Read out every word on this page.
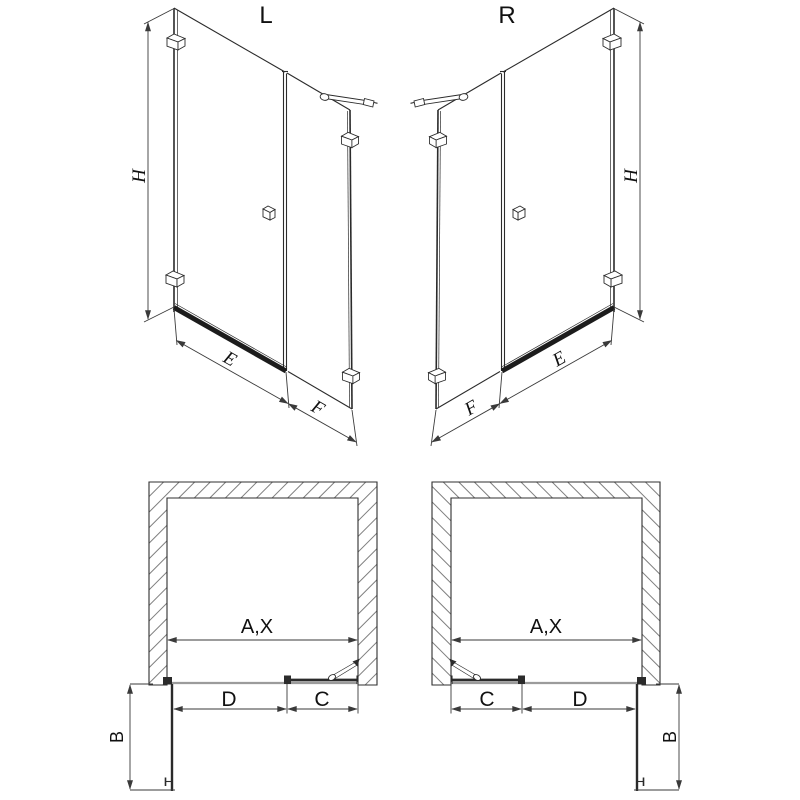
L	R
H
E
F
H
E
F
A,X
D	C
B
A,X
D
C
B
